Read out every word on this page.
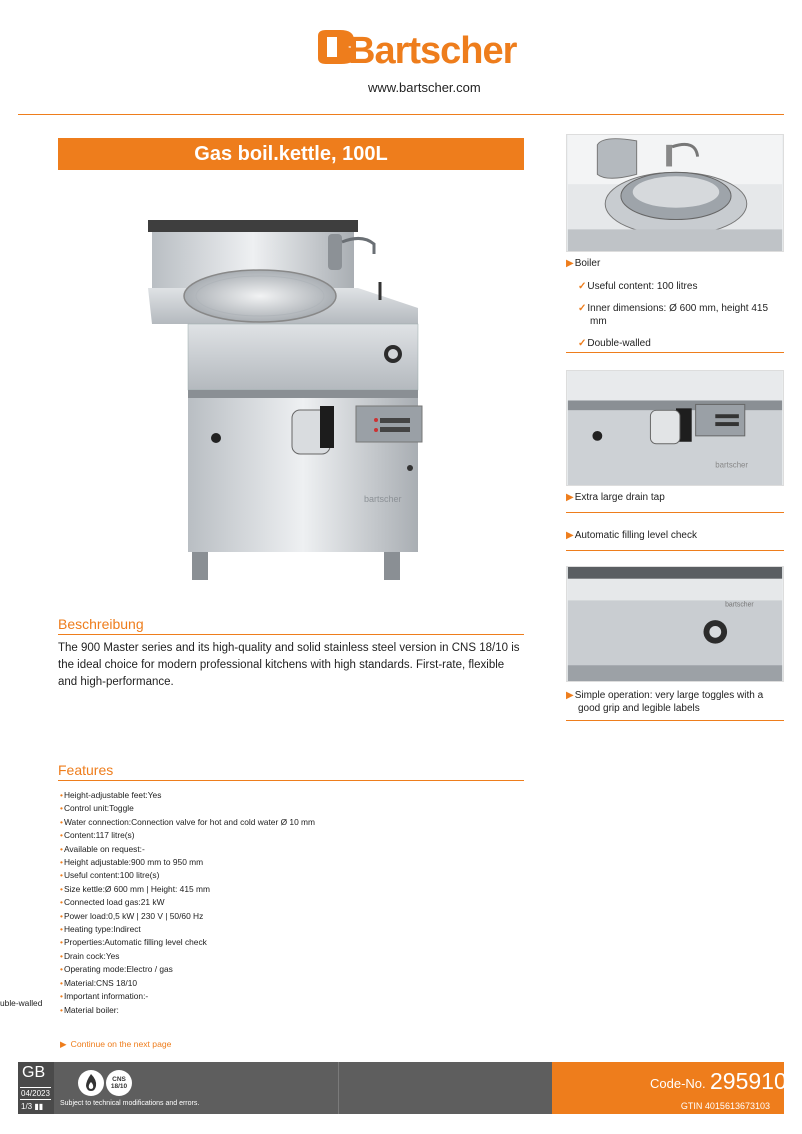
Bartscher
www.bartscher.com
Gas boil.kettle, 100L
bartscher
Beschreibung
The 900 Master series and its high-quality and solid stainless steel version in CNS 18/10 is the ideal choice for modern professional kitchens with high standards. First-rate, flexible and high-performance.
Features
•Height-adjustable feet:Yes
•Control unit:Toggle
•Water connection:Connection valve for hot and cold water Ø 10 mm
•Content:117 litre(s)
•Available on request:-
•Height adjustable:900 mm to 950 mm
•Useful content:100 litre(s)
•Size kettle:Ø 600 mm | Height: 415 mm
•Connected load gas:21 kW
•Power load:0,5 kW | 230 V | 50/60 Hz
•Heating type:Indirect
•Properties:Automatic filling level check
•Drain cock:Yes
•Operating mode:Electro / gas
•Material:CNS 18/10
•Important information:-
•Material boiler:
uble-walled
▶ Continue on the next page
▶Boiler
✓Useful content: 100 litres
✓Inner dimensions: Ø 600 mm, height 415 mm
✓Double-walled
bartscher
▶Extra large drain tap
▶Automatic filling level check
bartscher
▶Simple operation: very large toggles with a good grip and legible labels
GB
04/2023
1/3 ▮▮
CNS 18/10
Subject to technical modifications and errors.
Code-No. 2959101
GTIN 4015613673103
